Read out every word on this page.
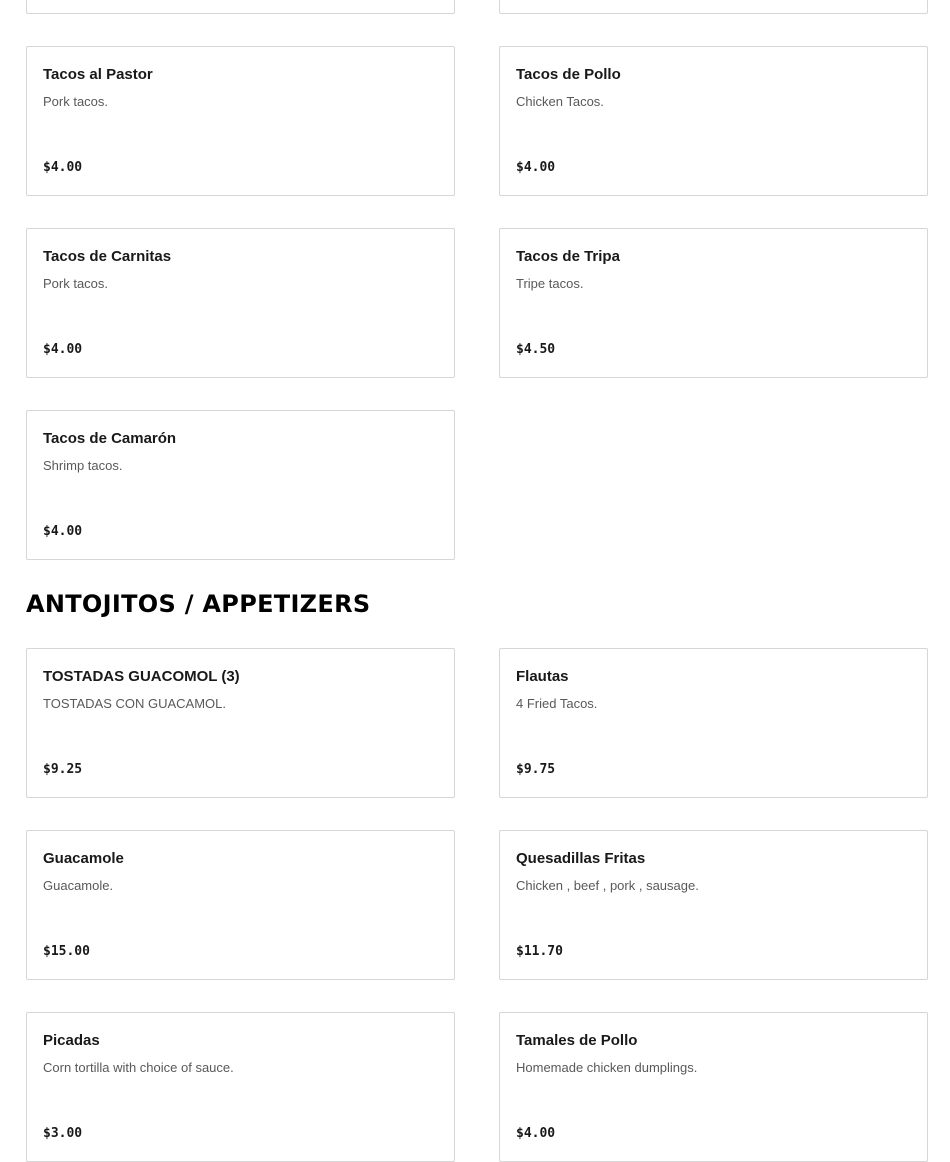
Tacos al Pastor
Pork tacos.
$4.00
Tacos de Pollo
Chicken Tacos.
$4.00
Tacos de Carnitas
Pork tacos.
$4.00
Tacos de Tripa
Tripe tacos.
$4.50
Tacos de Camarón
Shrimp tacos.
$4.00
ANTOJITOS / APPETIZERS
TOSTADAS GUACOMOL (3)
TOSTADAS CON GUACAMOL.
$9.25
Flautas
4 Fried Tacos.
$9.75
Guacamole
Guacamole.
$15.00
Quesadillas Fritas
Chicken , beef , pork , sausage.
$11.70
Picadas
Corn tortilla with choice of sauce.
$3.00
Tamales de Pollo
Homemade chicken dumplings.
$4.00
